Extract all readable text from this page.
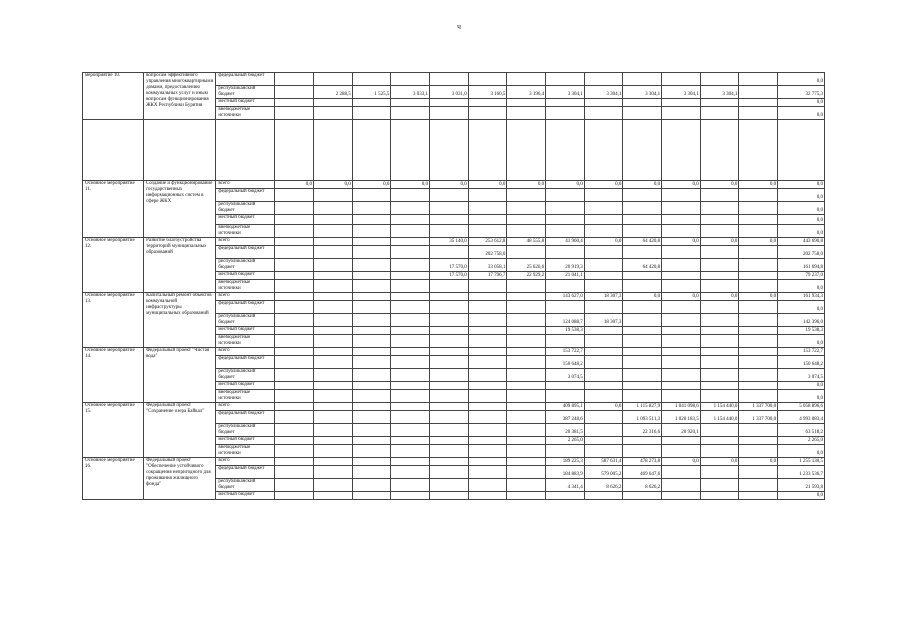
ч
мероприятие 10.	вопросам эффективного управления многоквартирными домами, предоставлению коммунальных услуг и иным вопросам функционирования ЖКХ Республики Бурятия	федеральный бюджет														0,0
		республиканский бюджет		2 288,5	1 525,5	3 033,1	3 031,0	3 160,5	3 196,4	3 304,1	3 304,1	3 304,1	3 304,1	3 304,1		32 775,3
		местный бюджет														0,0
		внебюджетные источники														0,0

Основное мероприятие 11.	Создание и функционирование государственных информационных систем в сфере ЖКХ	всего	0,0	0,0	0,0	0,0	0,0	0,0	0,0	0,0	0,0	0,0	0,0	0,0	0,0	0,0
		федеральный бюджет														0,0
		республиканский бюджет														0,0
		местный бюджет														0,0
		внебюджетные источники														0,0
Основное мероприятие 12.	Развитие благоустройства территорий муниципальных образований	всего					35 140,0	253 612,8	48 555,8	41 960,4	0,0	64 420,8	0,0	0,0	0,0	443 690,8
		федеральный бюджет						202 758,0								202 758,0
		республиканский бюджет					17 570,0	33 058,1	25 626,6	20 919,3		64 420,8				161 694,8
		местный бюджет					17 570,0	17 796,7	22 929,2	21 041,1						79 237,0
		внебюджетные источники														0,0
Основное мероприятие 13.	Капитальный ремонт объектов коммунальной инфраструктуры муниципальных образований	всего								143 627,0	18 307,3	0,0	0,0	0,0	0,0	161 934,3
		федеральный бюджет														0,0
		республиканский бюджет								124 088,7	18 307,3					142 396,0
		местный бюджет								19 538,3						19 538,3
		внебюджетные источники														0,0
Основное мероприятие 14.	Федеральный проект "Чистая вода"	всего								153 722,7						153 722,7
		федеральный бюджет								150 648,2						150 648,2
		республиканский бюджет								3 074,5						3 074,5
		местный бюджет														0,0
		внебюджетные источники														0,0
Основное мероприятие 15.	Федеральный проект "Сохранение озера Байкал"	всего								409 895,1	0,0	1 115 827,9	1 041 098,6	1 154 440,0	1 337 700,0	5 058 896,6
		федеральный бюджет								387 248,6		1 093 511,3	1 020 183,5	1 154 440,0	1 337 700,0	4 993 083,4
		республиканский бюджет								20 381,5		22 316,6	20 920,1			63 518,2
		местный бюджет								2 265,0						2 265,0
		внебюджетные источники														0,0
Основное мероприятие 16.	Федеральный проект "Обеспечение устойчивого сокращения непригодного для проживания жилищного фонда"	всего								189 225,3	587 631,4	478 273,8	0,0	0,0	0,0	1 255 130,5
		федеральный бюджет								184 883,9	579 005,2	469 647,6				1 233 536,7
		республиканский бюджет								4 341,4	8 626,2	8 626,2				21 593,8
		местный бюджет														0,0
